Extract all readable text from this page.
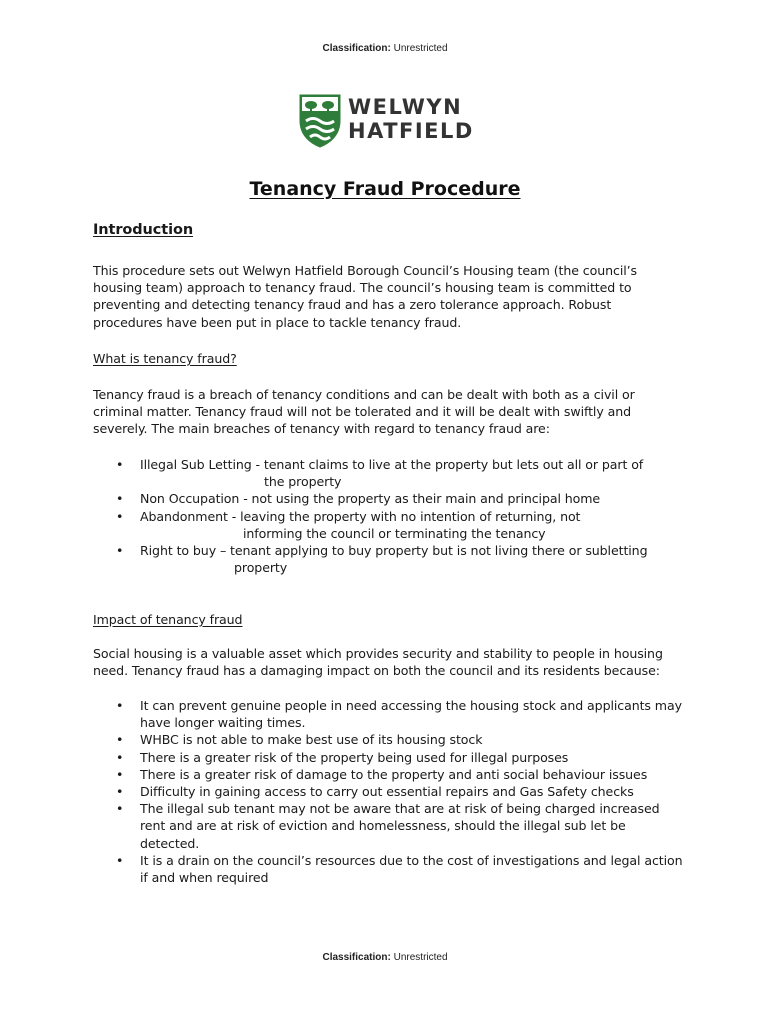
Classification: Unrestricted
WELWYN
HATFIELD
Tenancy Fraud Procedure
Introduction

This procedure sets out Welwyn Hatfield Borough Council’s Housing team (the council’s housing team) approach to tenancy fraud. The council’s housing team is committed to preventing and detecting tenancy fraud and has a zero tolerance approach. Robust procedures have been put in place to tackle tenancy fraud.

What is tenancy fraud?

Tenancy fraud is a breach of tenancy conditions and can be dealt with both as a civil or criminal matter. Tenancy fraud will not be tolerated and it will be dealt with swiftly and severely. The main breaches of tenancy with regard to tenancy fraud are:

• Illegal Sub Letting - tenant claims to live at the property but lets out all or part of
the property
• Non Occupation - not using the property as their main and principal home
• Abandonment - leaving the property with no intention of returning, not
informing the council or terminating the tenancy
• Right to buy – tenant applying to buy property but is not living there or subletting
property
Impact of tenancy fraud

Social housing is a valuable asset which provides security and stability to people in housing need. Tenancy fraud has a damaging impact on both the council and its residents because:

• It can prevent genuine people in need accessing the housing stock and applicants may have longer waiting times.
• WHBC is not able to make best use of its housing stock
• There is a greater risk of the property being used for illegal purposes
• There is a greater risk of damage to the property and anti social behaviour issues
• Difficulty in gaining access to carry out essential repairs and Gas Safety checks
• The illegal sub tenant may not be aware that are at risk of being charged increased rent and are at risk of eviction and homelessness, should the illegal sub let be detected.
• It is a drain on the council’s resources due to the cost of investigations and legal action if and when required
Classification: Unrestricted
